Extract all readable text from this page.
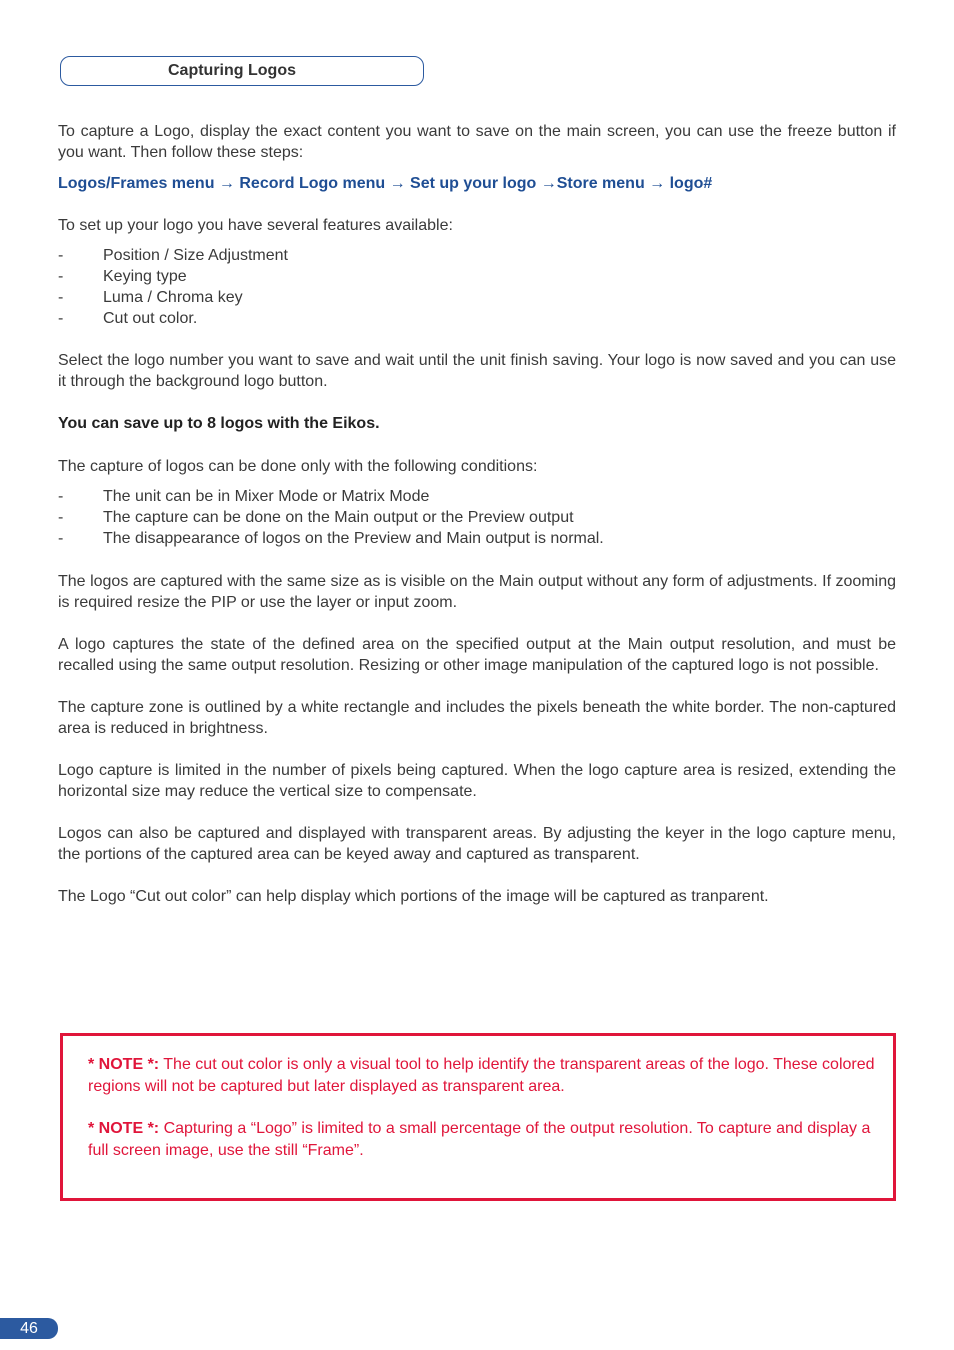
Capturing Logos

To capture a Logo, display the exact content you want to save on the main screen, you can use the freeze button if you want. Then follow these steps:

Logos/Frames menu → Record Logo menu → Set up your logo →Store menu → logo#

To set up your logo you have several features available:

- Position / Size Adjustment
- Keying type
- Luma / Chroma key
- Cut out color.

Select the logo number you want to save and wait until the unit finish saving. Your logo is now saved and you can use it through the background logo button.

You can save up to 8 logos with the Eikos.

The capture of logos can be done only with the following conditions:

- The unit can be in Mixer Mode or Matrix Mode
- The capture can be done on the Main output or the Preview output
- The disappearance of logos on the Preview and Main output is normal.

The logos are captured with the same size as is visible on the Main output without any form of adjustments. If zooming is required resize the PIP or use the layer or input zoom.

A logo captures the state of the defined area on the specified output at the Main output resolution, and must be recalled using the same output resolution. Resizing or other image manipulation of the captured logo is not possible.

The capture zone is outlined by a white rectangle and includes the pixels beneath the white border. The non-captured area is reduced in brightness.

Logo capture is limited in the number of pixels being captured. When the logo capture area is resized, extending the horizontal size may reduce the vertical size to compensate.

Logos can also be captured and displayed with transparent areas. By adjusting the keyer in the logo capture menu, the portions of the captured area can be keyed away and captured as transparent.

The Logo “Cut out color” can help display which portions of the image will be captured as tranparent.

* NOTE *: The cut out color is only a visual tool to help identify the transparent areas of the logo. These colored regions will not be captured but later displayed as transparent area.

* NOTE *: Capturing a “Logo” is limited to a small percentage of the output resolution. To capture and display a full screen image, use the still “Frame”.

46
